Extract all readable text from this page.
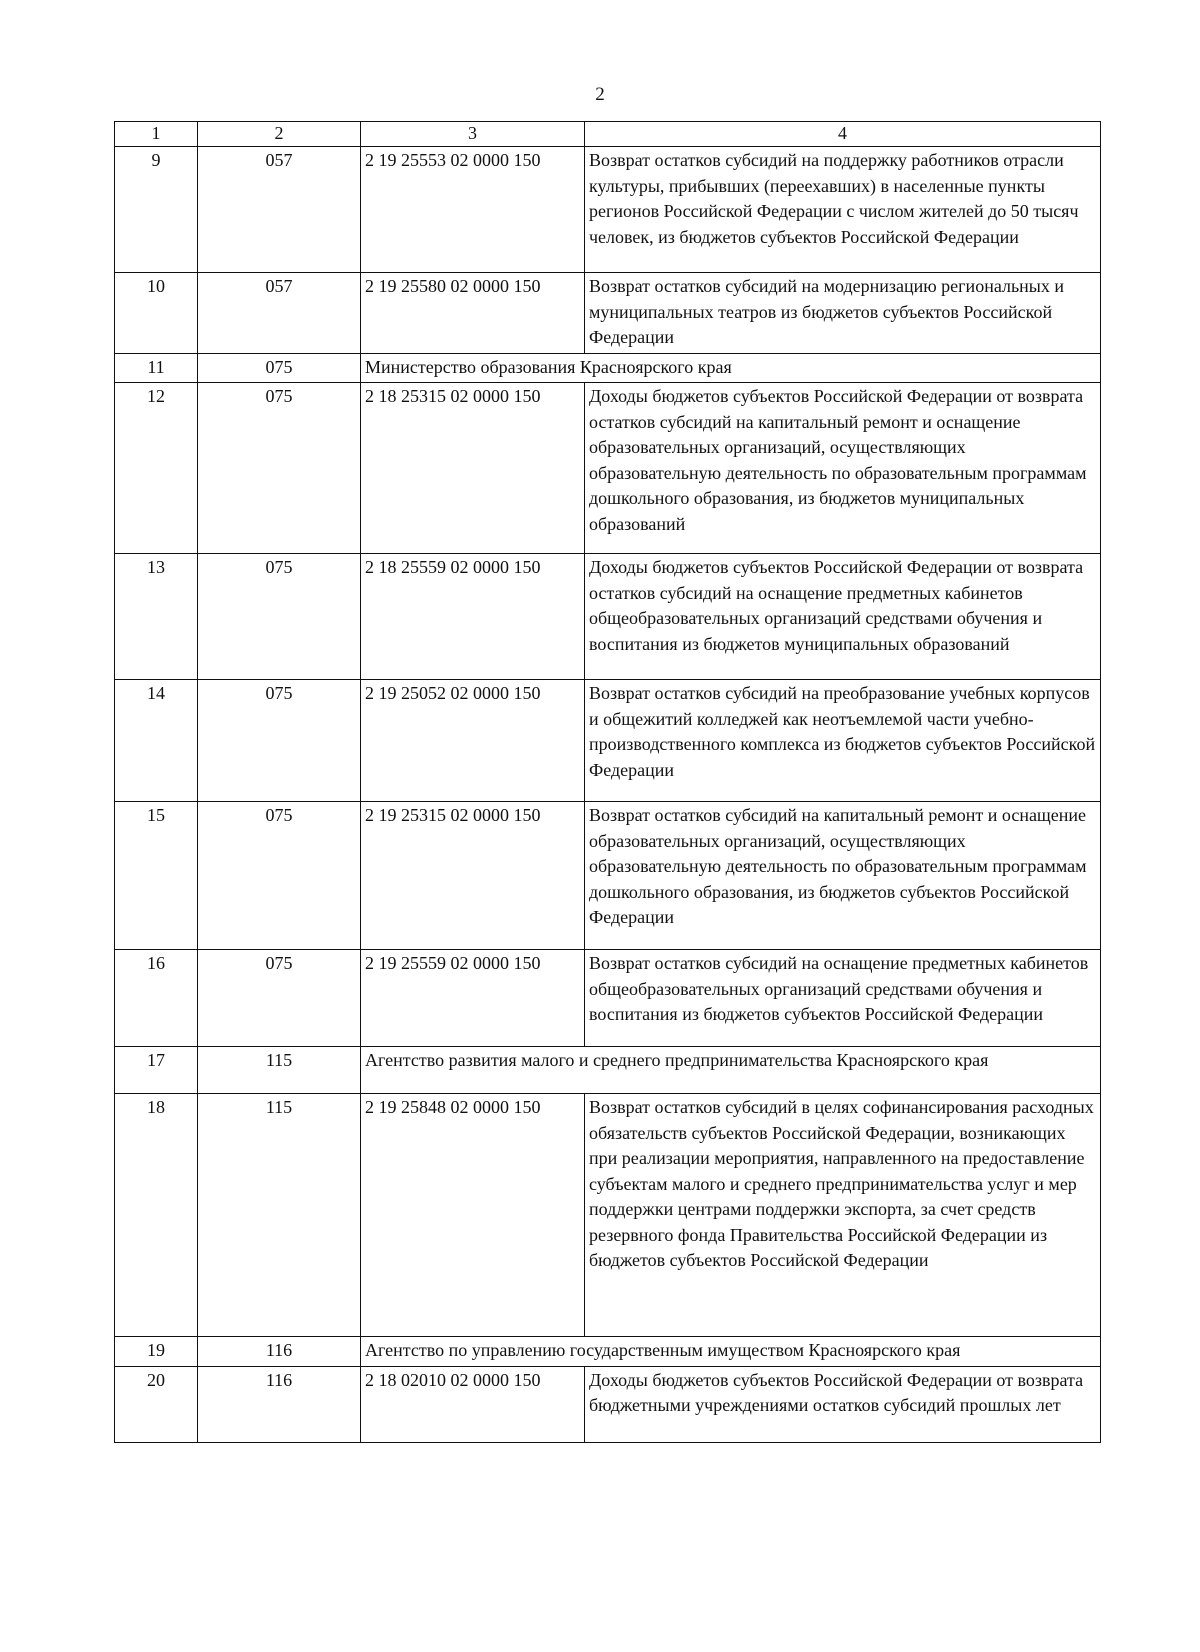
2
1	2	3	4
9	057	2 19 25553 02 0000 150	Возврат остатков субсидий на поддержку работников отрасли культуры, прибывших (переехавших) в населенные пункты регионов Российской Федерации с числом жителей до 50 тысяч человек, из бюджетов субъектов Российской Федерации
10	057	2 19 25580 02 0000 150	Возврат остатков субсидий на модернизацию региональных и муниципальных театров из бюджетов субъектов Российской Федерации
11	075	Министерство образования Красноярского края	
12	075	2 18 25315 02 0000 150	Доходы бюджетов субъектов Российской Федерации от возврата остатков субсидий на капитальный ремонт и оснащение образовательных организаций, осуществляющих образовательную деятельность по образовательным программам дошкольного образования, из бюджетов муниципальных образований
13	075	2 18 25559 02 0000 150	Доходы бюджетов субъектов Российской Федерации от возврата остатков субсидий на оснащение предметных кабинетов общеобразовательных организаций средствами обучения и воспитания из бюджетов муниципальных образований
14	075	2 19 25052 02 0000 150	Возврат остатков субсидий на преобразование учебных корпусов и общежитий колледжей как неотъемлемой части учебно-производственного комплекса из бюджетов субъектов Российской Федерации
15	075	2 19 25315 02 0000 150	Возврат остатков субсидий на капитальный ремонт и оснащение образовательных организаций, осуществляющих образовательную деятельность по образовательным программам дошкольного образования, из бюджетов субъектов Российской Федерации
16	075	2 19 25559 02 0000 150	Возврат остатков субсидий на оснащение предметных кабинетов общеобразовательных организаций средствами обучения и воспитания из бюджетов субъектов Российской Федерации
17	115	Агентство развития малого и среднего предпринимательства Красноярского края	
18	115	2 19 25848 02 0000 150	Возврат остатков субсидий в целях софинансирования расходных обязательств субъектов Российской Федерации, возникающих при реализации мероприятия, направленного на предоставление субъектам малого и среднего предпринимательства услуг и мер поддержки центрами поддержки экспорта, за счет средств резервного фонда Правительства Российской Федерации из бюджетов субъектов Российской Федерации
19	116	Агентство по управлению государственным имуществом Красноярского края	
20	116	2 18 02010 02 0000 150	Доходы бюджетов субъектов Российской Федерации от возврата бюджетными учреждениями остатков субсидий прошлых лет
